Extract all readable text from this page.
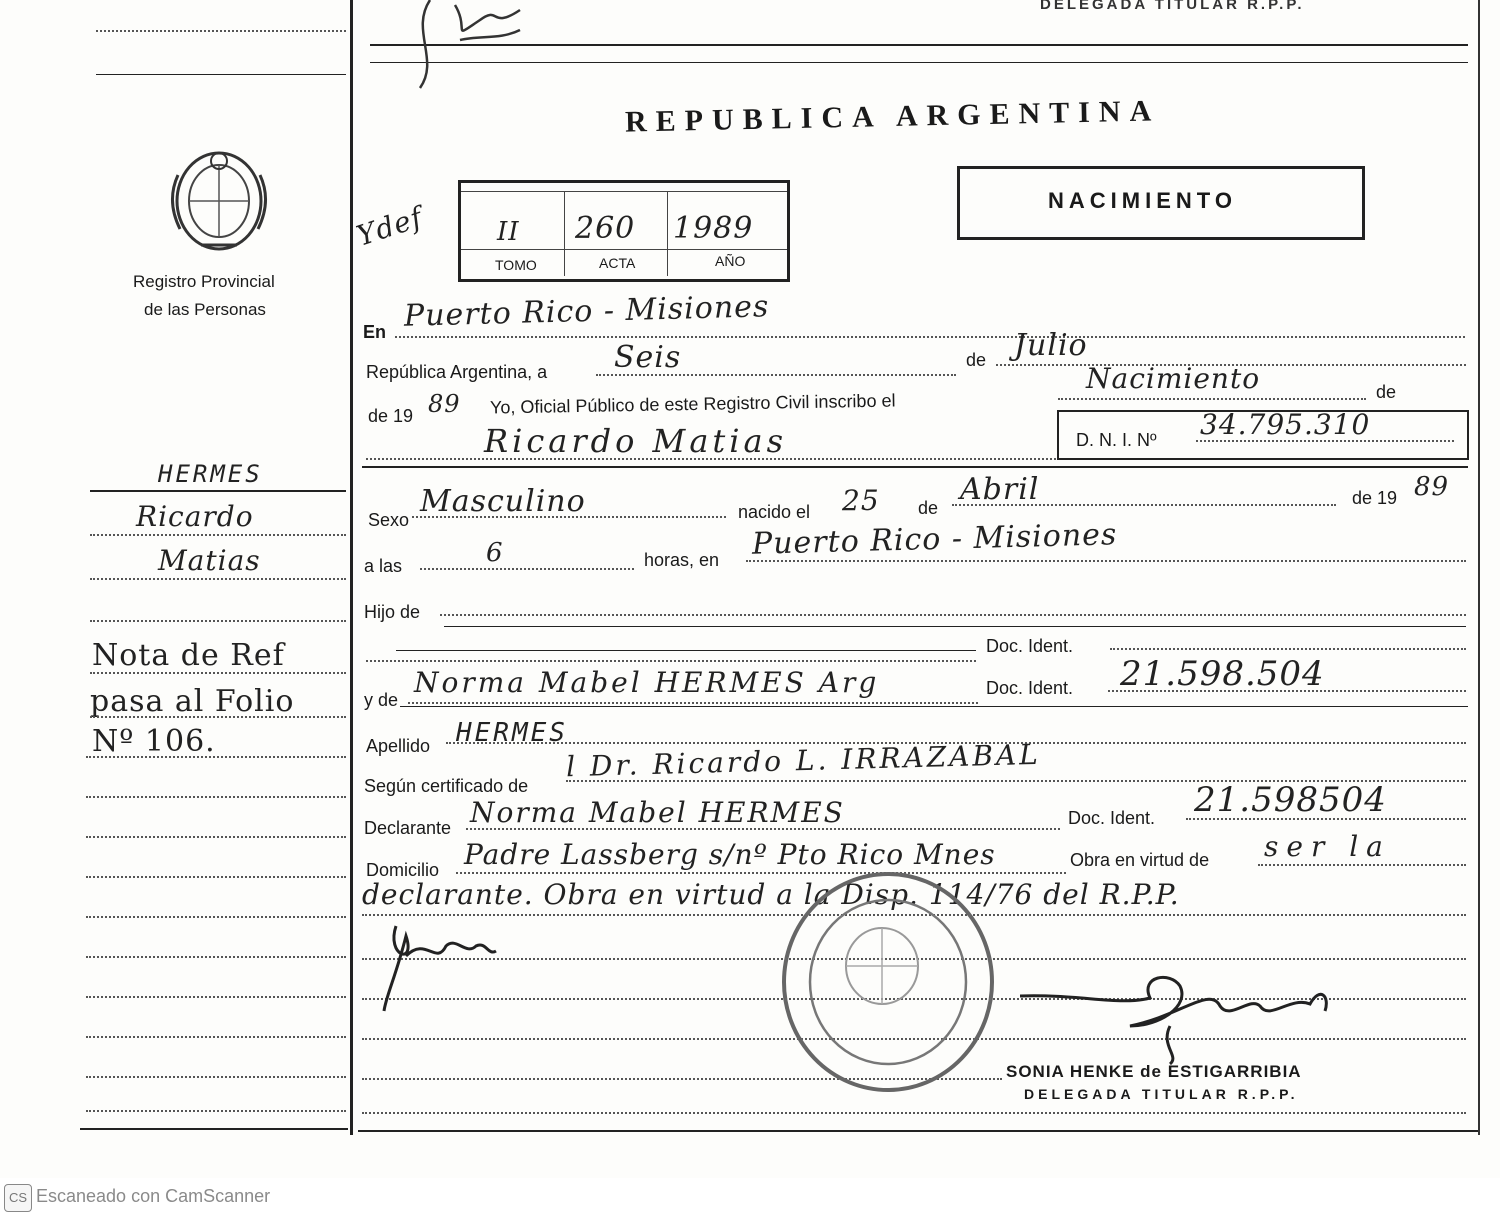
DELEGADA TITULAR R.P.P.
Registro Provincial
de las Personas
HERMES
Ricardo
Matias
Nota de Ref
pasa al Folio
Nº 106.
REPUBLICA ARGENTINA
NACIMIENTO
II 260 1989
TOMO	ACTA	AÑO
Ydef
En Puerto Rico - Misiones
República Argentina, a Seis	de Julio
de 19 89 Yo, Oficial Público de este Registro Civil inscribo el
Nacimiento	de
Ricardo Matias	D. N. I. Nº 34.795.310
Sexo
Masculino	nacido el 25 de
Abril	de 19 89
a las	6	horas, en Puerto Rico - Misiones
Hijo de
Doc. Ident.
y de
Norma Mabel HERMES Arg	Doc. Ident. 21.598.504
Apellido HERMES
Según certificado de
l Dr. Ricardo L. IRRAZABAL
Declarante Norma Mabel HERMES	Doc. Ident. 21.598504
Domicilio Padre Lassberg s/nº Pto Rico Mnes	Obra en virtud de ser la
declarante. Obra en virtud a la Disp. 114/76 del R.P.P.
SONIA HENKE de ESTIGARRIBIA
DELEGADA TITULAR R.P.P.
CS Escaneado con CamScanner
